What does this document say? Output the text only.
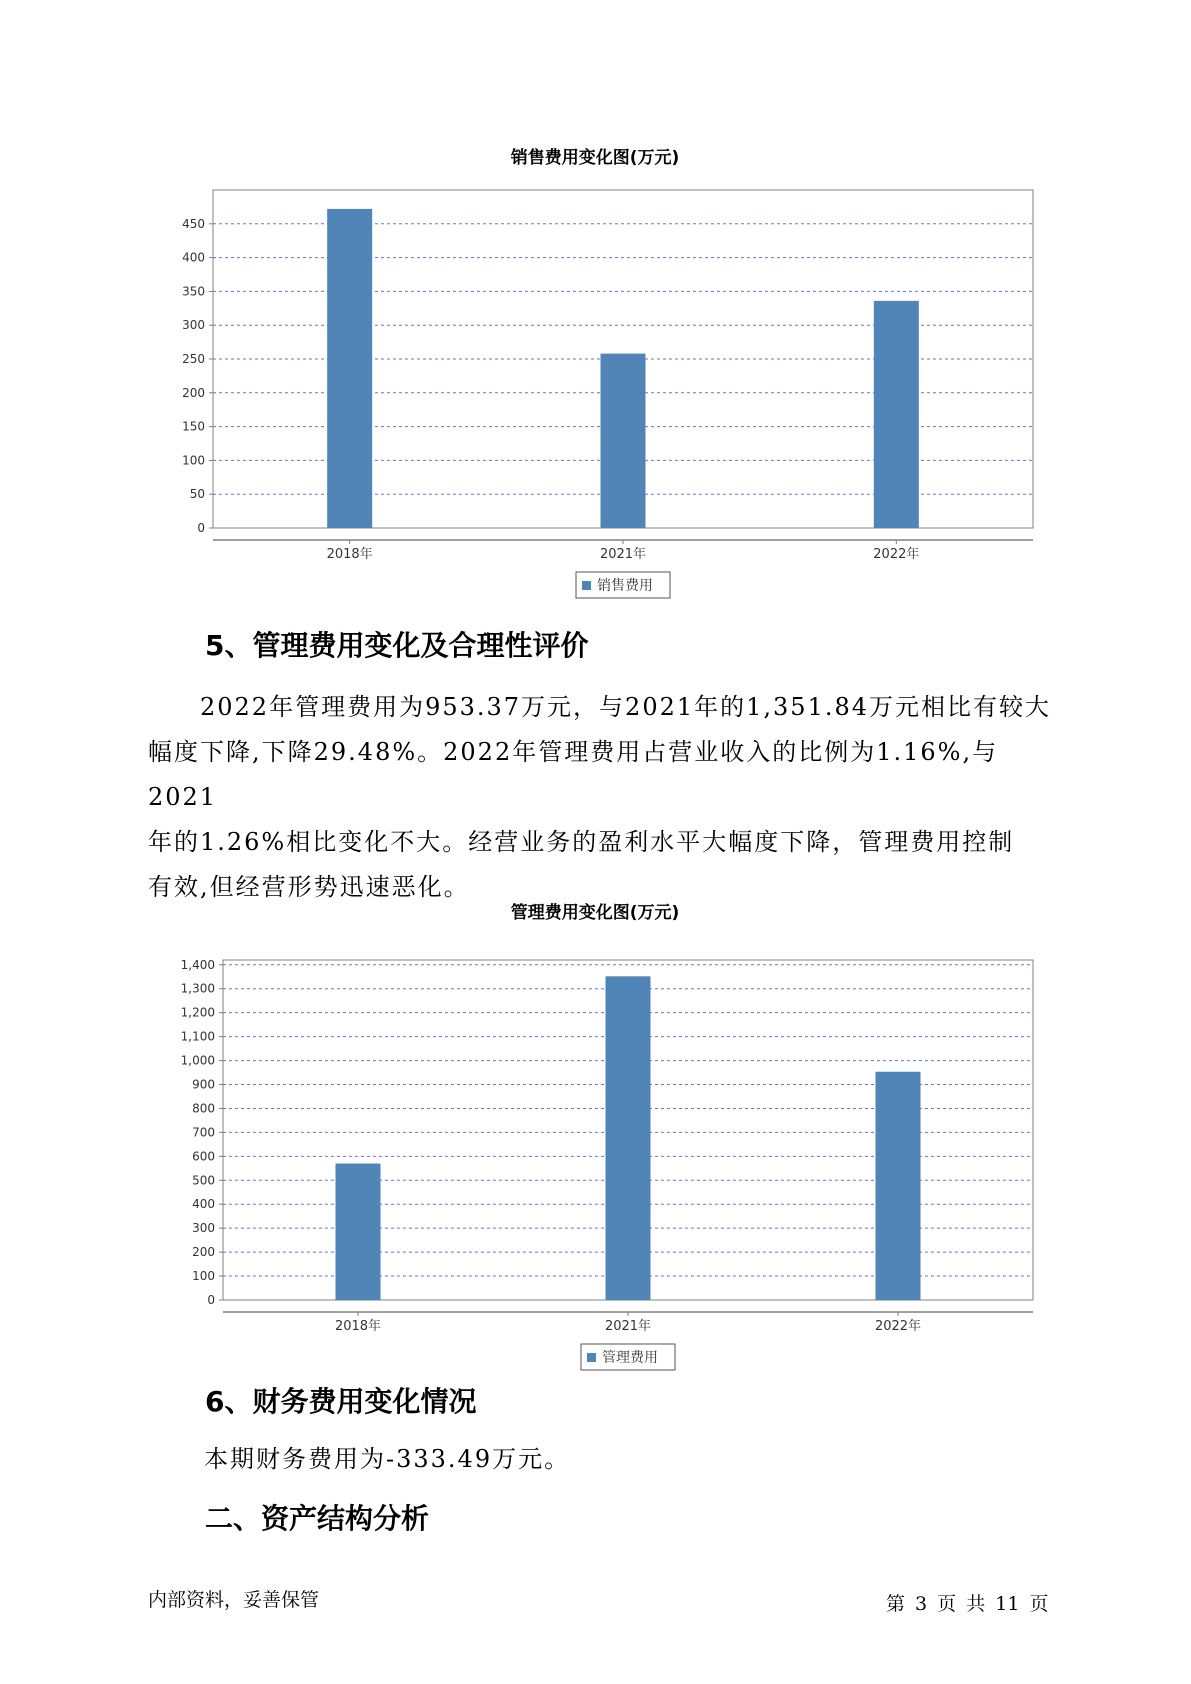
销售费用变化图(万元)
0
50
100
150
200
250
300
350
400
450
2018年	2021年	2022年
销售费用
5、管理费用变化及合理性评价
2022年管理费用为953.37万元，与2021年的1,351.84万元相比有较大
幅度下降,下降29.48%。2022年管理费用占营业收入的比例为1.16%,与2021
年的1.26%相比变化不大。经营业务的盈利水平大幅度下降，管理费用控制
有效,但经营形势迅速恶化。
管理费用变化图(万元)
0
100
200
300
400
500
600
700
800
900
1,000
1,100
1,200
1,300
1,400
2018年	2021年	2022年
管理费用
6、财务费用变化情况
本期财务费用为-333.49万元。
二、资产结构分析
内部资料，妥善保管	第 3 页 共 11 页
